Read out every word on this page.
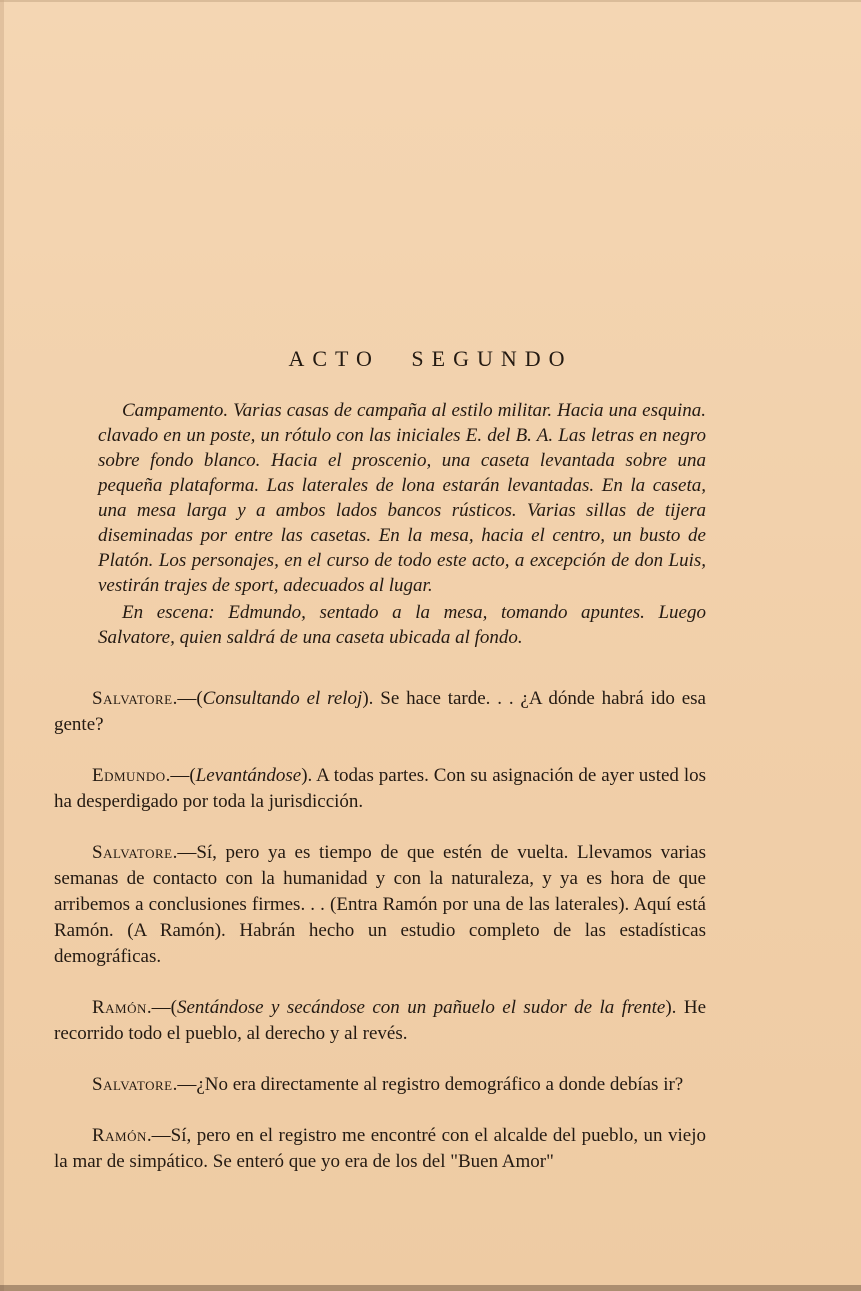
ACTO SEGUNDO

Campamento. Varias casas de campaña al estilo militar. Hacia una esquina. clavado en un poste, un rótulo con las iniciales E. del B. A. Las letras en negro sobre fondo blanco. Hacia el proscenio, una caseta levantada sobre una pequeña plataforma. Las laterales de lona estarán levantadas. En la caseta, una mesa larga y a ambos lados bancos rústicos. Varias sillas de tijera diseminadas por entre las casetas. En la mesa, hacia el centro, un busto de Platón. Los personajes, en el curso de todo este acto, a excepción de don Luis, vestirán trajes de sport, adecuados al lugar.

En escena: Edmundo, sentado a la mesa, tomando apuntes. Luego Salvatore, quien saldrá de una caseta ubicada al fondo.

Salvatore.—(Consultando el reloj). Se hace tarde. . . ¿A dónde habrá ido esa gente?

Edmundo.—(Levantándose). A todas partes. Con su asignación de ayer usted los ha desperdigado por toda la jurisdicción.

Salvatore.—Sí, pero ya es tiempo de que estén de vuelta. Llevamos varias semanas de contacto con la humanidad y con la naturaleza, y ya es hora de que arribemos a conclusiones firmes. . . (Entra Ramón por una de las laterales). Aquí está Ramón. (A Ramón). Habrán hecho un estudio completo de las estadísticas demográficas.

Ramón.—(Sentándose y secándose con un pañuelo el sudor de la frente). He recorrido todo el pueblo, al derecho y al revés.

Salvatore.—¿No era directamente al registro demográfico a donde debías ir?

Ramón.—Sí, pero en el registro me encontré con el alcalde del pueblo, un viejo la mar de simpático. Se enteró que yo era de los del "Buen Amor"
